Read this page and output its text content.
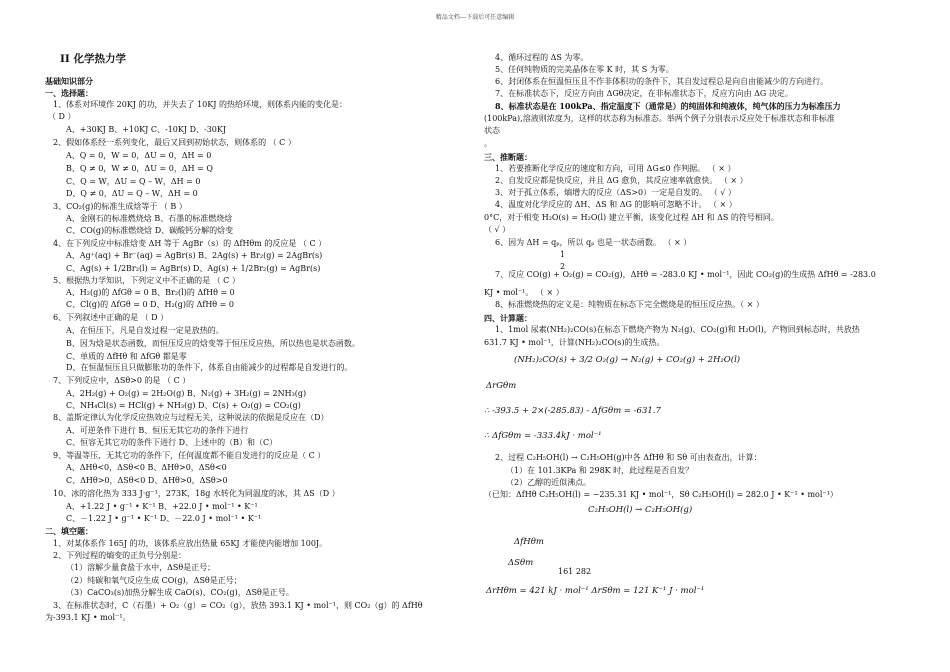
精品文档---下载后可任意编辑
II 化学热力学
基础知识部分
一、选择题：
1、体系对环境作 20KJ 的功，并失去了 10KJ 的热给环境，则体系内能的变化是：
（ D ）
A、+30KJ B、+10KJ C、-10KJ D、-30KJ
2、假如体系经一系列变化，最后又回到初始状态，则体系的 （ C ）
A、Q = 0，W = 0，ΔU = 0，ΔH = 0
B、Q ≠ 0，W ≠ 0，ΔU = 0，ΔH = Q
C、Q = W，ΔU = Q – W，ΔH = 0
D、Q ≠ 0，ΔU = Q – W，ΔH = 0
3、CO₂(g)的标准生成焓等于 （ B ）
A、金刚石的标准燃烧焓 B、石墨的标准燃烧焓
C、CO(g)的标准燃烧焓 D、碳酸钙分解的焓变
4、在下列反应中标准焓变 ΔH 等于 AgBr（s）的 ΔfHθm 的反应是 （ C ）
A、Ag⁺(aq) + Br⁻(aq) = AgBr(s) B、2Ag(s) + Br₂(g) = 2AgBr(s)
C、Ag(s) + 1/2Br₂(l) = AgBr(s) D、Ag(s) + 1/2Br₂(g) = AgBr(s)
5、根据热力学知识，下列定义中不正确的是 （ C ）
A、H₂(g)的 ΔfGθ = 0 B、Br₂(l)的 ΔfHθ = 0
C、Cl(g)的 ΔfGθ = 0 D、H₂(g)的 ΔfHθ = 0
6、下列叙述中正确的是 （ D ）
A、在恒压下，凡是自发过程一定是放热的。
B、因为焓是状态函数，而恒压反应的焓变等于恒压反应热，所以热也是状态函数。
C、单质的 ΔfHθ 和 ΔfGθ 都是零
D、在恒温恒压且只做膨胀功的条件下，体系自由能减少的过程都是自发进行的。
7、下列反应中，ΔSθ>0 的是 （ C ）
A、2H₂(g) + O₂(g) = 2H₂O(g) B、N₂(g) + 3H₂(g) = 2NH₃(g)
C、NH₄Cl(s) = HCl(g) + NH₃(g) D、C(s) + O₂(g) = CO₂(g)
8、盖斯定律认为化学反应热效应与过程无关，这种说法的依据是反应在（D）
A、可逆条件下进行 B、恒压无其它功的条件下进行
C、恒容无其它功的条件下进行 D、上述中的（B）和（C）
9、等温等压，无其它功的条件下，任何温度都不能自发进行的反应是（ C ）
A、ΔHθ<0，ΔSθ<0 B、ΔHθ>0，ΔSθ<0
C、ΔHθ>0，ΔSθ<0 D、ΔHθ>0，ΔSθ>0
10、冰的溶化热为 333 J·g⁻¹，273K，18g 水转化为同温度的冰，其 ΔS（D ）
A、+1.22 J • g⁻¹ • K⁻¹ B、+22.0 J • mol⁻¹ • K⁻¹
C、－1.22 J • g⁻¹ • K⁻¹ D、－22.0 J • mol⁻¹ • K⁻¹
二、填空题：
1、对某体系作 165J 的功，该体系应放出热量 65KJ 才能使内能增加 100J。
2、下列过程的熵变的正负号分别是：
（1）溶解少量食盐于水中，ΔSθ是正号；
（2）纯碳和氧气反应生成 CO(g)，ΔSθ是正号；
（3）CaCO₃(s)加热分解生成 CaO(s)、CO₂(g)，ΔSθ是正号。
3、在标准状态时，C（石墨）+ O₂（g）= CO₂（g），放热 393.1 KJ • mol⁻¹，则 CO₂（g）的 ΔfHθ
为-393.1 KJ • mol⁻¹。
4、循环过程的 ΔS 为零。
5、任何纯物质的完美晶体在零 K 时，其 S 为零。
6、封闭体系在恒温恒压且不作非体积功的条件下，其自发过程总是向自由能减少的方向进行。
7、在标准状态下，反应方向由 ΔGθ决定，在非标准状态下，反应方向由 ΔG 决定。
8、标准状态是在 100kPa、指定温度下（通常是）的纯固体和纯液体，纯气体的压力为标准压力
(100kPa),溶液则浓度为，这样的状态称为标准态。举两个例子分别表示反应处于标准状态和非标准
状态
。
三、推断题：
1、若要推断化学反应的速度和方向，可用 ΔG≤0 作判据。 （ × ）
2、自发反应都是快反应，并且 ΔG 愈负，其反应速率就愈快。 （ × ）
3、对于孤立体系，熵增大的反应（ΔS>0）一定是自发的。 （ √ ）
4、温度对化学反应的 ΔH、ΔS 和 ΔG 的影响可忽略不计。 （ × ）
0°C，对于相变 H₂O(s) = H₂O(l) 建立平衡，该变化过程 ΔH 和 ΔS 的符号相同。
（ √ ）
6、因为 ΔH = qₚ，所以 qₚ 也是一状态函数。 （ × ）
1
2
7、反应 CO(g) + O₂(g) = CO₂(g)，ΔHθ = -283.0 KJ • mol⁻¹，因此 CO₂(g)的生成热 ΔfHθ = -283.0
KJ • mol⁻¹。 （ × ）
8、标准燃烧热的定义是：纯物质在标态下完全燃烧是的恒压反应热。（ × ）
四、计算题：
1、1mol 尿素(NH₂)₂CO(s)在标态下燃烧产物为 N₂(g)、CO₂(g)和 H₂O(l)，产物回到标态时，共放热
631.7 KJ • mol⁻¹，计算(NH₂)₂CO(s)的生成热。
(NH₂)₂CO(s) + 3/2 O₂(g) → N₂(g) + CO₂(g) + 2H₂O(l)
ΔrGθm
∴ -393.5 + 2×(-285.83) - ΔfGθm = -631.7
∴ ΔfGθm = -333.4kJ · mol⁻¹
2、过程 C₂H₅OH(l) → C₂H₅OH(g)中各 ΔfHθ 和 Sθ 可由表查出，计算：
（1）在 101.3KPa 和 298K 时，此过程是否自发？
（2）乙醇的近似沸点。
（已知：ΔfHθ C₂H₅OH(l) = −235.31 KJ • mol⁻¹，Sθ C₂H₅OH(l) = 282.0 J • K⁻¹ • mol⁻¹）
C₂H₅OH(l) → C₂H₅OH(g)
ΔfHθm
ΔSθm
161 282
ΔrHθm = 421 kJ · mol⁻¹ ΔrSθm = 121 K⁻¹ J · mol⁻¹
